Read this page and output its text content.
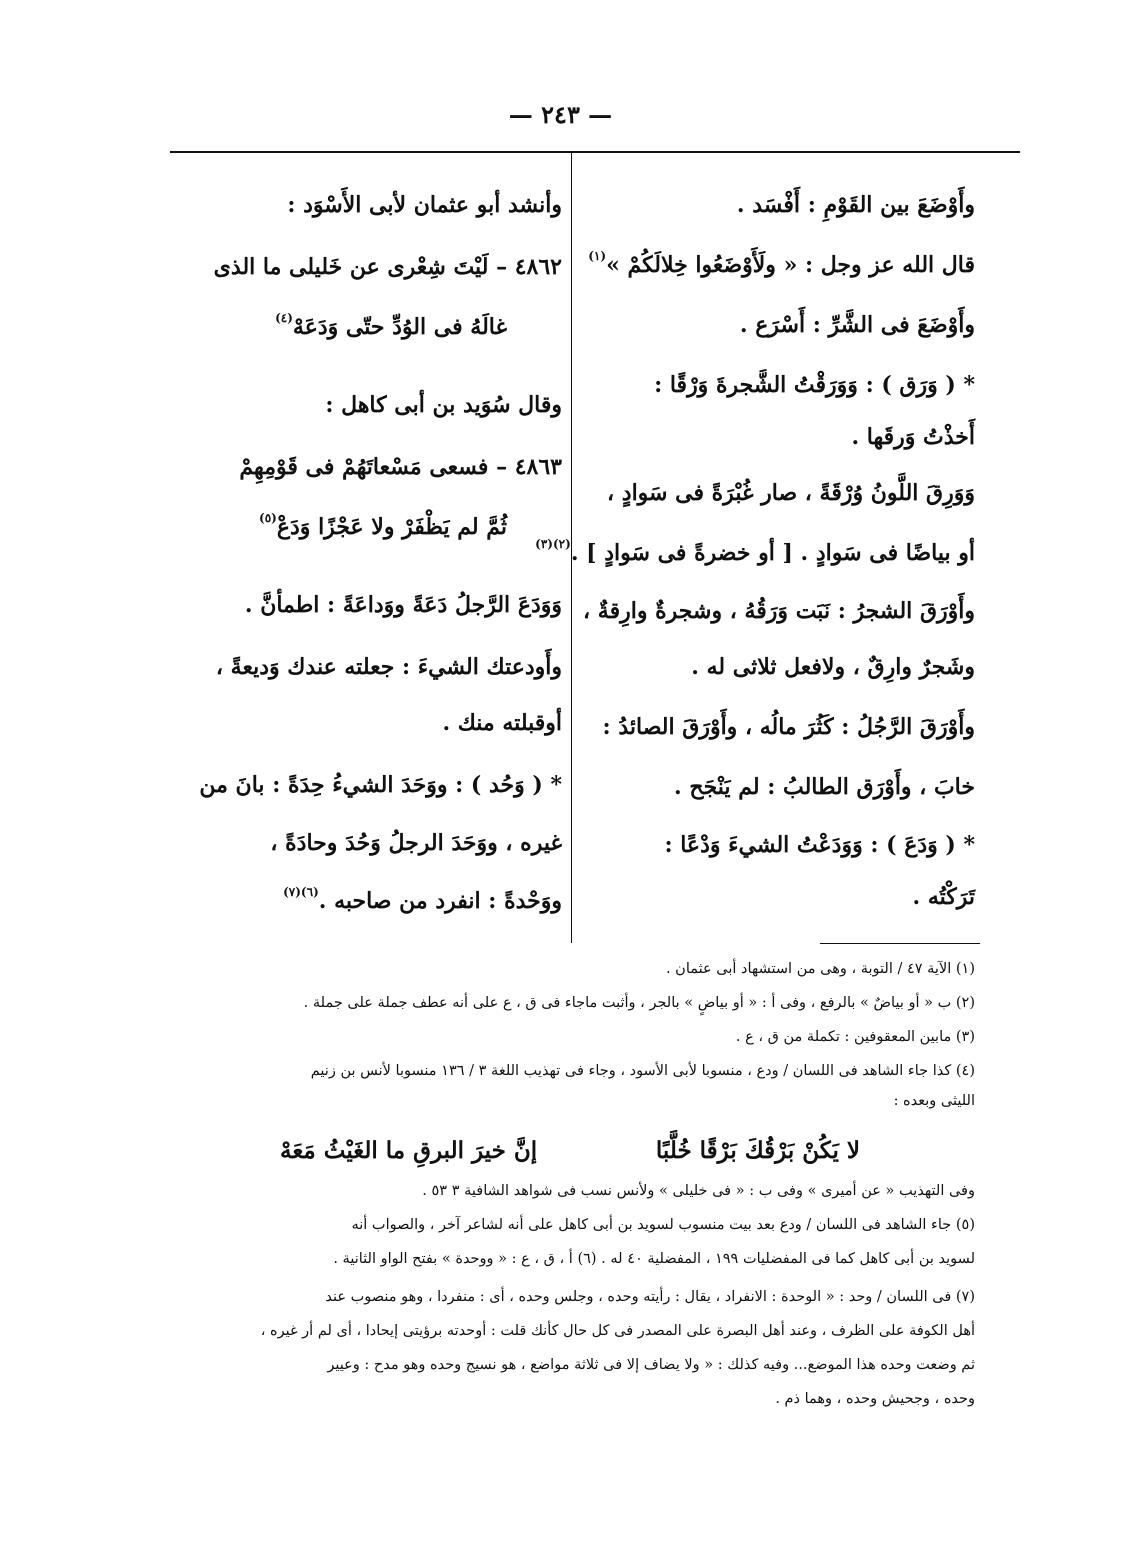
— ٢٤٣ —
وأَوْضَعَ بين القَوْمِ : أَفْسَد .
قال الله عز وجل : « ولَأَوْضَعُوا خِلالَكُمْ »$^{(١)}$
وأَوْضَعَ فى الشَّرِّ : أَسْرَع .
* ( وَرَق ) : وَوَرَقْتُ الشَّجرةَ وَرْقًا :
أَخذْتُ وَرقَها .
وَوَرِقَ اللَّونُ وُرْقَةً ، صار غُبْرَةً فى سَوادٍ ،
أو بياضًا فى سَوادٍ . [ أو خضرةً فى سَوادٍ ] .$^{(٢)(٣)}$
وأَوْرَقَ الشجرُ : نَبَت وَرَقُهُ ، وشجرةٌ وارِقةٌ ،
وشَجرٌ وارِقٌ ، ولافعل ثلاثى له .
وأَوْرَقَ الرَّجُلُ : كَثُرَ مالُه ، وأَوْرَقَ الصائدُ :
خابَ ، وأَوْرَق الطالبُ : لم يَنْجَح .
* ( وَدَعَ ) : وَوَدَعْتُ الشيءَ وَدْعًا :
تَرَكْتُه .
وأنشد أبو عثمان لأبى الأَسْوَد :
٤٨٦٢ – لَيْتَ شِعْرى عن خَليلى ما الذى
غالَهُ فى الوُدِّ حتّى وَدَعَهْ$^{(٤)}$
وقال سُوَيد بن أبى كاهل :
٤٨٦٣ – فسعى مَسْعاتَهُمْ فى قَوْمِهِمْ
ثُمَّ لم يَظْفَرْ ولا عَجْزًا وَدَعْ$^{(٥)}$
وَوَدَعَ الرَّجلُ دَعَةً ووَداعَةً : اطمأنَّ .
وأَودعتك الشيءَ : جعلته عندك وَديعةً ،
أوقبلته منك .
* ( وَحُد ) : ووَحَدَ الشيءُ حِدَةً : بانَ من
غيره ، ووَحَدَ الرجلُ وَحُدَ وحادَةً ،
ووَحْدةً : انفرد من صاحبه .$^{(٦)(٧)}$
(١) الآية ٤٧ / التوبة ، وهى من استشهاد أبى عثمان .
(٢) ب « أو بياضٌ » بالرفع ، وفى أ : « أو بياضٍ » بالجر ، وأثبت ماجاء فى ق ، ع على أنه عطف جملة على جملة .
(٣) مابين المعقوفين : تكملة من ق ، ع .
(٤) كذا جاء الشاهد فى اللسان / ودع ، منسوبا لأبى الأسود ، وجاء فى تهذيب اللغة ٣ / ١٣٦ منسوبا لأنس بن زنيم
الليثى وبعده :
وفى التهذيب « عن أميرى » وفى ب : « فى خليلى » ولأنس نسب فى شواهد الشافية ٣ ٥٣ .
(٥) جاء الشاهد فى اللسان / ودع بعد بيت منسوب لسويد بن أبى كاهل على أنه لشاعر آخر ، والصواب أنه
لسويد بن أبى كاهل كما فى المفضليات ١٩٩ ، المفضلية ٤٠ له . (٦) أ ، ق ، ع : « ووحدة » بفتح الواو الثانية .
(٧) فى اللسان / وحد : « الوحدة : الانفراد ، يقال : رأيته وحده ، وجلس وحده ، أى : منفردا ، وهو منصوب عند
أهل الكوفة على الظرف ، وعند أهل البصرة على المصدر فى كل حال كأنك قلت : أوحدته برؤيتى إيحادا ، أى لم أر غيره ،
ثم وضعت وحده هذا الموضع... وفيه كذلك : « ولا يضاف إلا فى ثلاثة مواضع ، هو نسيج وحده وهو مدح : وعيير
وحده ، وجحيش وحده ، وهما ذم .
لا يَكُنْ بَرْقُكَ بَرْقًا خُلَّبًا
إنَّ خيرَ البرقِ ما الغَيْثُ مَعَهْ
